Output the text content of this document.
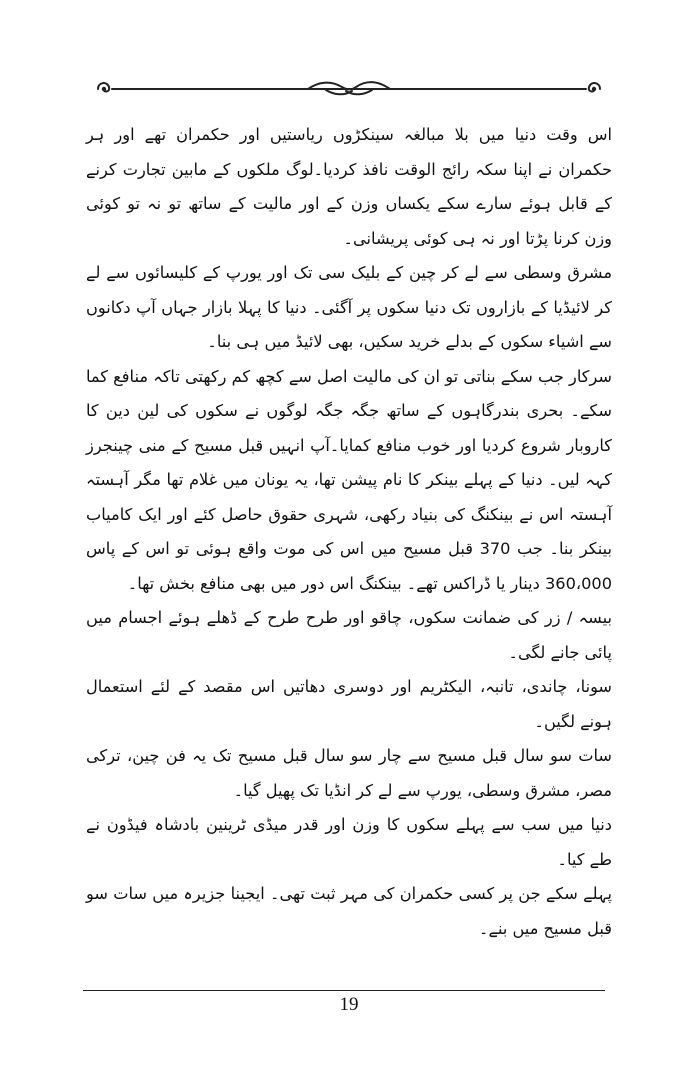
اس وقت دنیا میں بلا مبالغہ سینکڑوں ریاستیں اور حکمران تھے اور ہر حکمران نے اپنا سکہ رائج الوقت نافذ کردیا۔لوگ ملکوں کے مابین تجارت کرنے کے قابل ہوئے سارے سکے یکساں وزن کے اور مالیت کے ساتھ تو نہ تو کوئی وزن کرنا پڑتا اور نہ ہی کوئی پریشانی۔

مشرق وسطی سے لے کر چین کے بلیک سی تک اور یورپ کے کلیسائوں سے لے کر لائیڈیا کے بازاروں تک دنیا سکوں پر آگئی۔ دنیا کا پہلا بازار جہاں آپ دکانوں سے اشیاء سکوں کے بدلے خرید سکیں، بھی لائیڈ میں ہی بنا۔

سرکار جب سکے بناتی تو ان کی مالیت اصل سے کچھ کم رکھتی تاکہ منافع کما سکے۔ بحری بندرگاہوں کے ساتھ جگہ جگہ لوگوں نے سکوں کی لین دین کا کاروبار شروع کردیا اور خوب منافع کمایا۔آپ انہیں قبل مسیح کے منی چینجرز کہہ لیں۔ دنیا کے پہلے بینکر کا نام پیشن تھا، یہ یونان میں غلام تھا مگر آہستہ آہستہ اس نے بینکنگ کی بنیاد رکھی، شہری حقوق حاصل کئے اور ایک کامیاب بینکر بنا۔ جب 370 قبل مسیح میں اس کی موت واقع ہوئی تو اس کے پاس 360،000 دینار یا ڈراکس تھے۔ بینکنگ اس دور میں بھی منافع بخش تھا۔

بیسہ / زر کی ضمانت سکوں، چاقو اور طرح طرح کے ڈھلے ہوئے اجسام میں پائی جانے لگی۔

سونا، چاندی، تانبہ، الیکٹریم اور دوسری دھاتیں اس مقصد کے لئے استعمال ہونے لگیں۔

سات سو سال قبل مسیح سے چار سو سال قبل مسیح تک یہ فن چین، ترکی مصر، مشرق وسطی، یورپ سے لے کر انڈیا تک پھیل گیا۔

دنیا میں سب سے پہلے سکوں کا وزن اور قدر میڈی ٹرینین بادشاہ فیڈون نے طے کیا۔

پہلے سکے جن پر کسی حکمران کی مہر ثبت تھی۔ ایجینا جزیرہ میں سات سو قبل مسیح میں بنے۔

19
